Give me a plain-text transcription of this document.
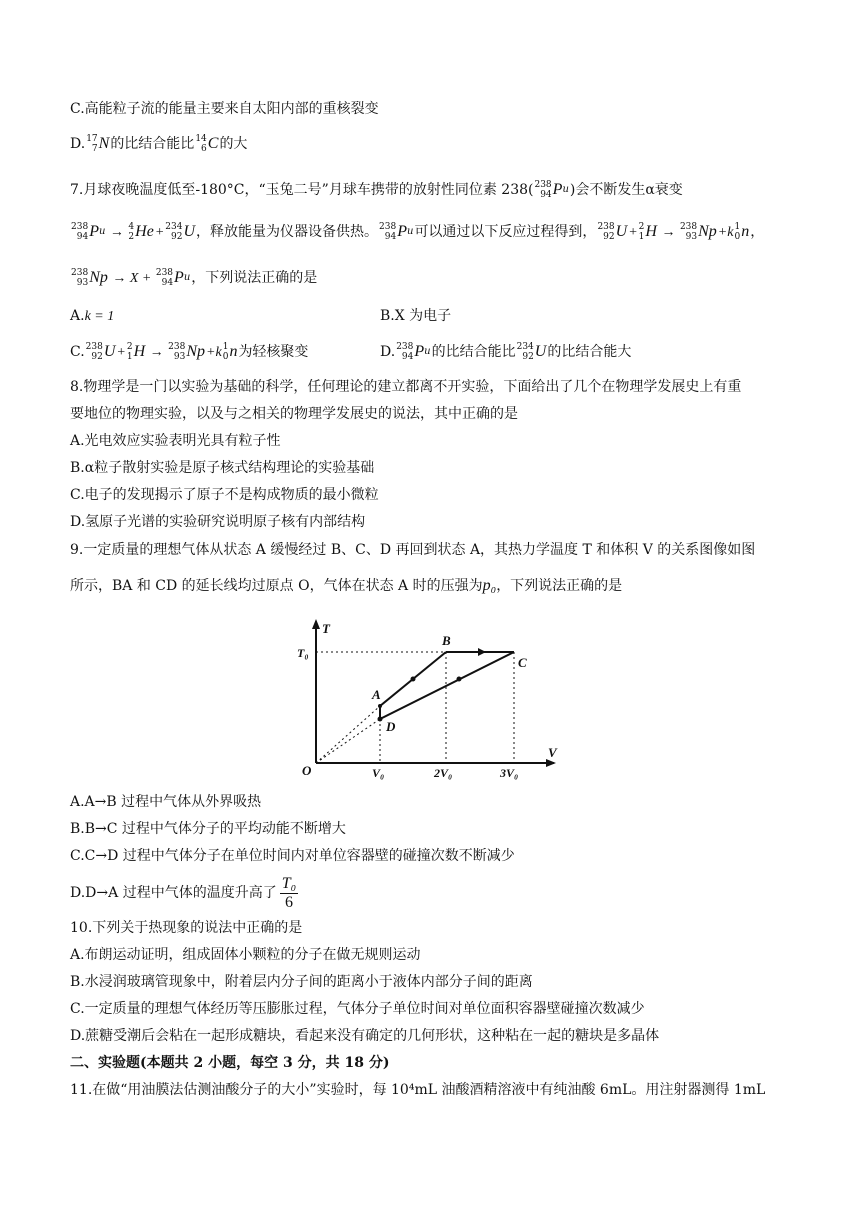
C.高能粒子流的能量主要来自太阳内部的重核裂变
D. 17
7 N 的比结合能比 14
6 C 的大
7.月球夜晚温度低至-180°C，“玉兔二号”月球车携带的放射性同位素 238( 238
94 P u )会不断发生α衰变
238
94 P u → 4
2 He + 234
92 U ，释放能量为仪器设备供热。 238
94 P u 可以通过以下反应过程得到， 238
92 U + 2
1 H → 238
93 Np +k 1
0 n ，
238
93 Np → X + 238
94 P u ，下列说法正确的是
A.k = 1	B.X 为电子
C. 238
92 U + 2
1 H → 238
93 Np +k 1
0 n 为轻核聚变	D. 238
94 P u 的比结合能比 234
92 U 的比结合能大
8.物理学是一门以实验为基础的科学，任何理论的建立都离不开实验，下面给出了几个在物理学发展史上有重
要地位的物理实验，以及与之相关的物理学发展史的说法，其中正确的是
A.光电效应实验表明光具有粒子性
B.α粒子散射实验是原子核式结构理论的实验基础
C.电子的发现揭示了原子不是构成物质的最小微粒
D.氢原子光谱的实验研究说明原子核有内部结构
9.一定质量的理想气体从状态 A 缓慢经过 B、C、D 再回到状态 A，其热力学温度 T 和体积 V 的关系图像如图
所示，BA 和 CD 的延长线均过原点 O，气体在状态 A 时的压强为p₀，下列说法正确的是
T
V
O
T₀
V₀	2V₀	3V₀
A
B
C
D
A.A→B 过程中气体从外界吸热
B.B→C 过程中气体分子的平均动能不断增大
C.C→D 过程中气体分子在单位时间内对单位容器壁的碰撞次数不断减少
D.D→A 过程中气体的温度升高了 $\frac{\text{T₀}}{6}$
10.下列关于热现象的说法中正确的是
A.布朗运动证明，组成固体小颗粒的分子在做无规则运动
B.水浸润玻璃管现象中，附着层内分子间的距离小于液体内部分子间的距离
C.一定质量的理想气体经历等压膨胀过程，气体分子单位时间对单位面积容器壁碰撞次数减少
D.蔗糖受潮后会粘在一起形成糖块，看起来没有确定的几何形状，这种粘在一起的糖块是多晶体
二、实验题(本题共 2 小题，每空 3 分，共 18 分)
11.在做“用油膜法估测油酸分子的大小”实验时，每 10⁴mL 油酸酒精溶液中有纯油酸 6mL。用注射器测得 1mL
